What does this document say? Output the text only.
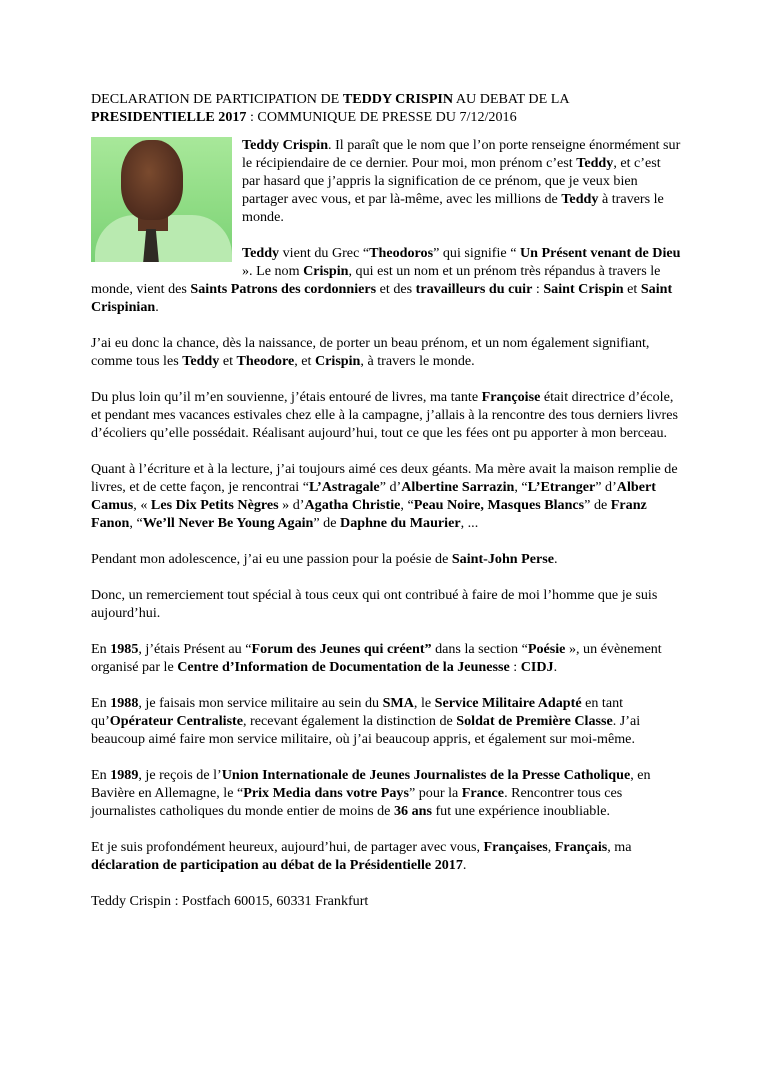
DECLARATION DE PARTICIPATION DE TEDDY CRISPIN AU DEBAT DE LA
PRESIDENTIELLE 2017 : COMMUNIQUE DE PRESSE DU 7/12/2016

Teddy Crispin. Il paraît que le nom que l’on porte renseigne énormément sur le récipiendaire de ce dernier. Pour moi, mon prénom c’est Teddy, et c’est par hasard que j’appris la signification de ce prénom, que je veux bien partager avec vous, et par là-même, avec les millions de Teddy à travers le monde.

Teddy vient du Grec “Theodoros” qui signifie “ Un Présent venant de Dieu ». Le nom Crispin, qui est un nom et un prénom très répandus à travers le monde, vient des Saints Patrons des cordonniers et des travailleurs du cuir : Saint Crispin et Saint Crispinian.

J’ai eu donc la chance, dès la naissance, de porter un beau prénom, et un nom également signifiant, comme tous les Teddy et Theodore, et Crispin, à travers le monde.

Du plus loin qu’il m’en souvienne, j’étais entouré de livres, ma tante Françoise était directrice d’école, et pendant mes vacances estivales chez elle à la campagne, j’allais à la rencontre des tous derniers livres d’écoliers qu’elle possédait. Réalisant aujourd’hui, tout ce que les fées ont pu apporter à mon berceau.

Quant à l’écriture et à la lecture, j’ai toujours aimé ces deux géants. Ma mère avait la maison remplie de livres, et de cette façon, je rencontrai “L’Astragale” d’Albertine Sarrazin, “L’Etranger” d’Albert Camus, « Les Dix Petits Nègres » d’Agatha Christie, “Peau Noire, Masques Blancs” de Franz Fanon, “We’ll Never Be Young Again” de Daphne du Maurier, ...

Pendant mon adolescence, j’ai eu une passion pour la poésie de Saint-John Perse.

Donc, un remerciement tout spécial à tous ceux qui ont contribué à faire de moi l’homme que je suis aujourd’hui.

En 1985, j’étais Présent au “Forum des Jeunes qui créent” dans la section “Poésie », un évènement organisé par le Centre d’Information de Documentation de la Jeunesse : CIDJ.

En 1988, je faisais mon service militaire au sein du SMA, le Service Militaire Adapté en tant qu’Opérateur Centraliste, recevant également la distinction de Soldat de Première Classe. J’ai beaucoup aimé faire mon service militaire, où j’ai beaucoup appris, et également sur moi-même.

En 1989, je reçois de l’Union Internationale de Jeunes Journalistes de la Presse Catholique, en Bavière en Allemagne, le “Prix Media dans votre Pays” pour la France. Rencontrer tous ces journalistes catholiques du monde entier de moins de 36 ans fut une expérience inoubliable.

Et je suis profondément heureux, aujourd’hui, de partager avec vous, Françaises, Français, ma déclaration de participation au débat de la Présidentielle 2017.

Teddy Crispin : Postfach 60015, 60331 Frankfurt
